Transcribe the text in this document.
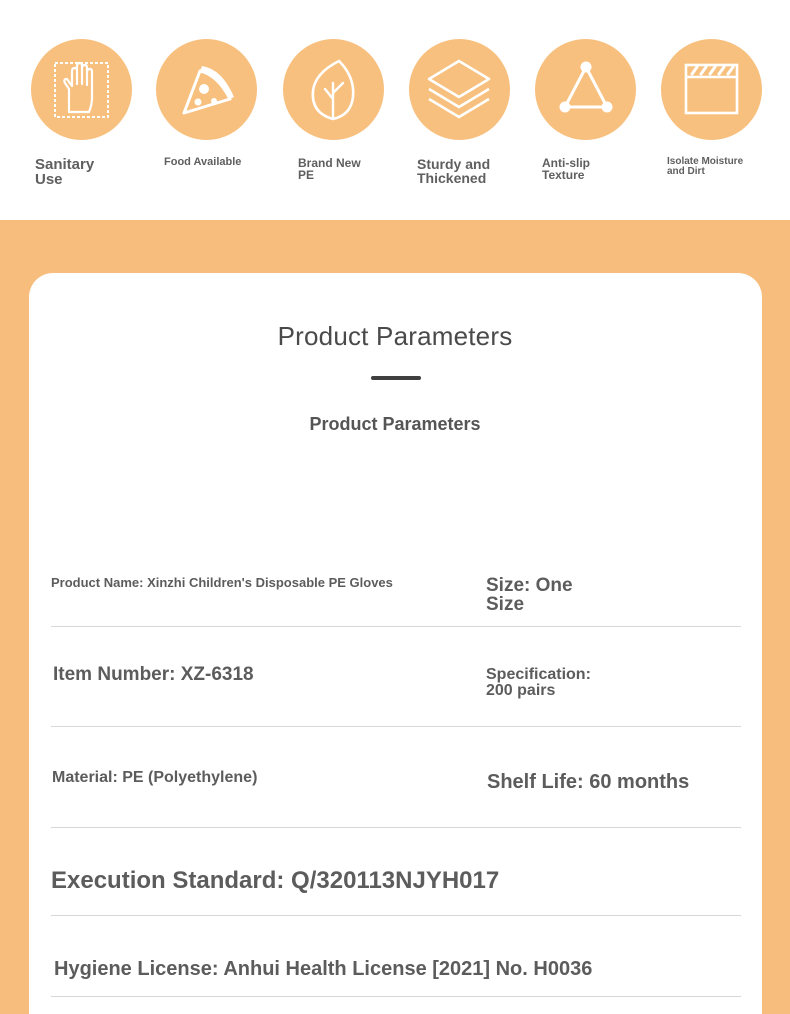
Sanitary
Use
Food Available	Brand New
PE
Sturdy and
Thickened
Anti-slip
Texture
Isolate Moisture
and Dirt
Product Parameters
Product Parameters
Product Name: Xinzhi Children's Disposable PE Gloves	Size: One
Size
Item Number: XZ-6318	Specification:
200 pairs
Material: PE (Polyethylene)	Shelf Life: 60 months
Execution Standard: Q/320113NJYH017
Hygiene License: Anhui Health License [2021] No. H0036
